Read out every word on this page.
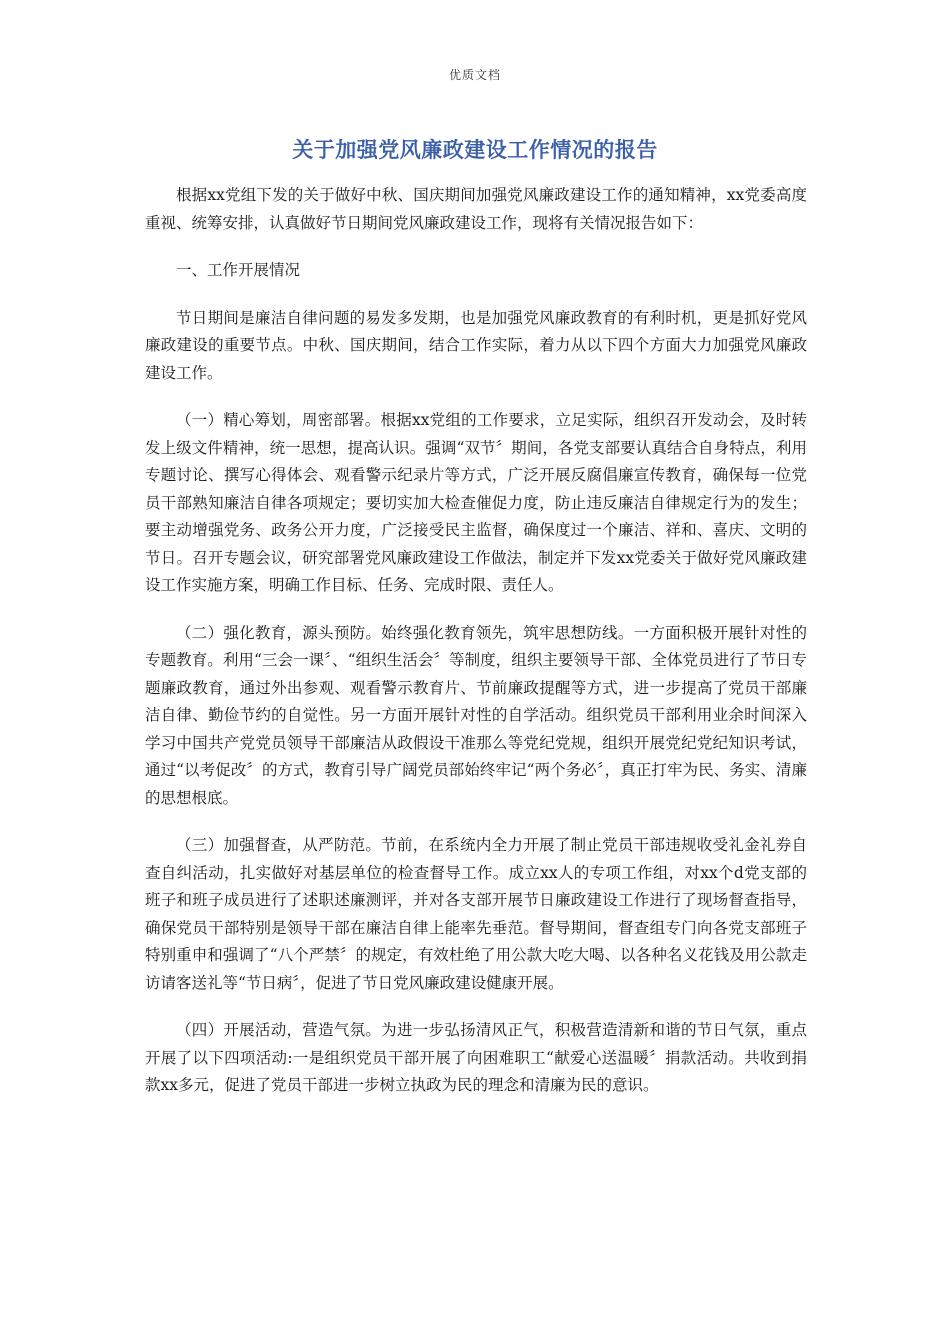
优质文档
关于加强党风廉政建设工作情况的报告

根据xx党组下发的关于做好中秋、国庆期间加强党风廉政建设工作的通知精神，xx党委高度重视、统筹安排，认真做好节日期间党风廉政建设工作，现将有关情况报告如下：

一、工作开展情况

节日期间是廉洁自律问题的易发多发期，也是加强党风廉政教育的有利时机，更是抓好党风廉政建设的重要节点。中秋、国庆期间，结合工作实际，着力从以下四个方面大力加强党风廉政建设工作。

（一）精心筹划，周密部署。根据xx党组的工作要求，立足实际，组织召开发动会，及时转发上级文件精神，统一思想，提高认识。强调“双节〞期间，各党支部要认真结合自身特点，利用专题讨论、撰写心得体会、观看警示纪录片等方式，广泛开展反腐倡廉宣传教育，确保每一位党员干部熟知廉洁自律各项规定；要切实加大检查催促力度，防止违反廉洁自律规定行为的发生；要主动增强党务、政务公开力度，广泛接受民主监督，确保度过一个廉洁、祥和、喜庆、文明的节日。召开专题会议，研究部署党风廉政建设工作做法，制定并下发xx党委关于做好党风廉政建设工作实施方案，明确工作目标、任务、完成时限、责任人。

（二）强化教育，源头预防。始终强化教育领先，筑牢思想防线。一方面积极开展针对性的专题教育。利用“三会一课〞、“组织生活会〞等制度，组织主要领导干部、全体党员进行了节日专题廉政教育，通过外出参观、观看警示教育片、节前廉政提醒等方式，进一步提高了党员干部廉洁自律、勤俭节约的自觉性。另一方面开展针对性的自学活动。组织党员干部利用业余时间深入学习中国共产党党员领导干部廉洁从政假设干准那么等党纪党规，组织开展党纪党纪知识考试，通过“以考促改〞的方式，教育引导广阔党员部始终牢记“两个务必〞，真正打牢为民、务实、清廉的思想根底。

（三）加强督查，从严防范。节前，在系统内全力开展了制止党员干部违规收受礼金礼券自查自纠活动，扎实做好对基层单位的检查督导工作。成立xx人的专项工作组，对xx个d党支部的班子和班子成员进行了述职述廉测评，并对各支部开展节日廉政建设工作进行了现场督查指导，确保党员干部特别是领导干部在廉洁自律上能率先垂范。督导期间，督查组专门向各党支部班子特别重申和强调了“八个严禁〞的规定，有效杜绝了用公款大吃大喝、以各种名义花钱及用公款走访请客送礼等“节日病〞，促进了节日党风廉政建设健康开展。

（四）开展活动，营造气氛。为进一步弘扬清风正气，积极营造清新和谐的节日气氛，重点开展了以下四项活动:一是组织党员干部开展了向困难职工“献爱心送温暖〞捐款活动。共收到捐款xx多元，促进了党员干部进一步树立执政为民的理念和清廉为民的意识。
